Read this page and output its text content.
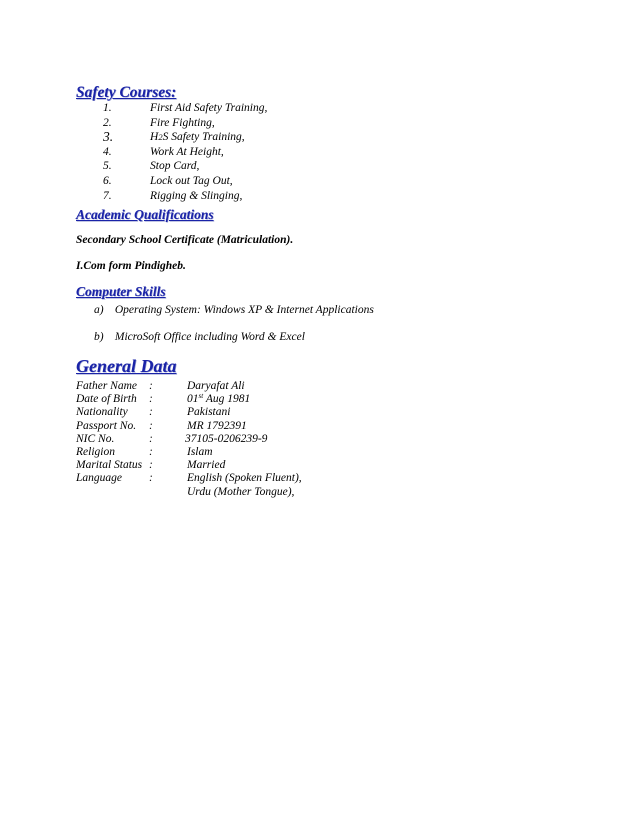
Safety Courses:
1.	First Aid Safety Training,
2.	Fire Fighting,
3.	H2S Safety Training,
4.	Work At Height,
5.	Stop Card,
6.	Lock out Tag Out,
7.	Rigging & Slinging,
Academic Qualifications
Secondary School Certificate (Matriculation).
I.Com form Pindigheb.
Computer Skills
a) Operating System: Windows XP & Internet Applications
b) MicroSoft Office including Word & Excel
General Data
Father Name :	Daryafat Ali
Date of Birth :	01st Aug 1981
Nationality :	Pakistani
Passport No. :	MR 1792391
NIC No.	:	37105-0206239-9
Religion	:	Islam
Marital Status :	Married
Language :	English (Spoken Fluent),
Urdu (Mother Tongue),
